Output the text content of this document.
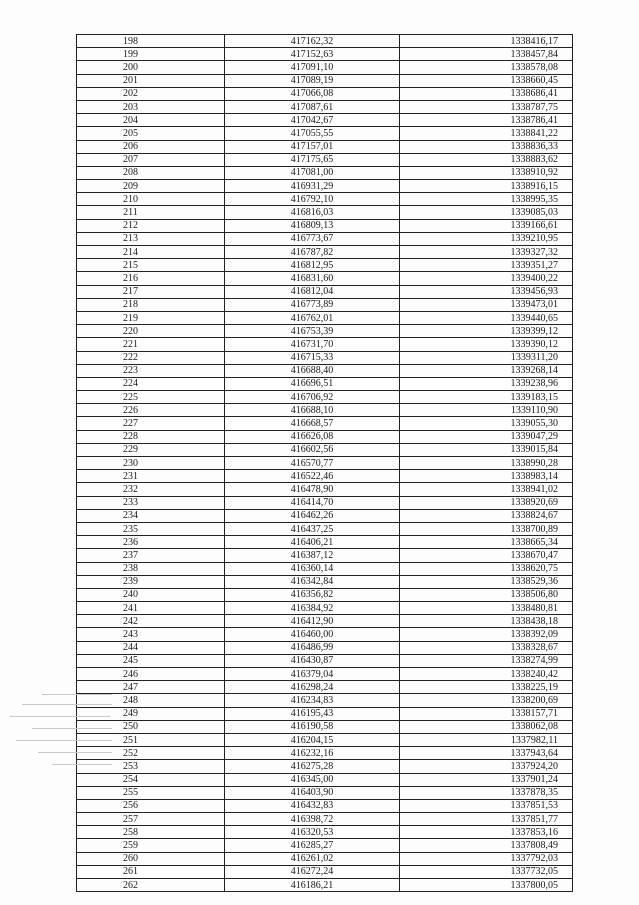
198	417162,32	1338416,17
199	417152,63	1338457,84
200	417091,10	1338578,08
201	417089,19	1338660,45
202	417066,08	1338686,41
203	417087,61	1338787,75
204	417042,67	1338786,41
205	417055,55	1338841,22
206	417157,01	1338836,33
207	417175,65	1338883,62
208	417081,00	1338910,92
209	416931,29	1338916,15
210	416792,10	1338995,35
211	416816,03	1339085,03
212	416809,13	1339166,61
213	416773,67	1339210,95
214	416787,82	1339327,32
215	416812,95	1339351,27
216	416831,60	1339400,22
217	416812,04	1339456,93
218	416773,89	1339473,01
219	416762,01	1339440,65
220	416753,39	1339399,12
221	416731,70	1339390,12
222	416715,33	1339311,20
223	416688,40	1339268,14
224	416696,51	1339238,96
225	416706,92	1339183,15
226	416688,10	1339110,90
227	416668,57	1339055,30
228	416626,08	1339047,29
229	416602,56	1339015,84
230	416570,77	1338990,28
231	416522,46	1338983,14
232	416478,90	1338941,02
233	416414,70	1338920,69
234	416462,26	1338824,67
235	416437,25	1338700,89
236	416406,21	1338665,34
237	416387,12	1338670,47
238	416360,14	1338620,75
239	416342,84	1338529,36
240	416356,82	1338506,80
241	416384,92	1338480,81
242	416412,90	1338438,18
243	416460,00	1338392,09
244	416486,99	1338328,67
245	416430,87	1338274,99
246	416379,04	1338240,42
247	416298,24	1338225,19
248	416234,83	1338200,69
249	416195,43	1338157,71
250	416190,58	1338062,08
251	416204,15	1337982,11
252	416232,16	1337943,64
253	416275,28	1337924,20
254	416345,00	1337901,24
255	416403,90	1337878,35
256	416432,83	1337851,53
257	416398,72	1337851,77
258	416320,53	1337853,16
259	416285,27	1337808,49
260	416261,02	1337792,03
261	416272,24	1337732,05
262	416186,21	1337800,05
